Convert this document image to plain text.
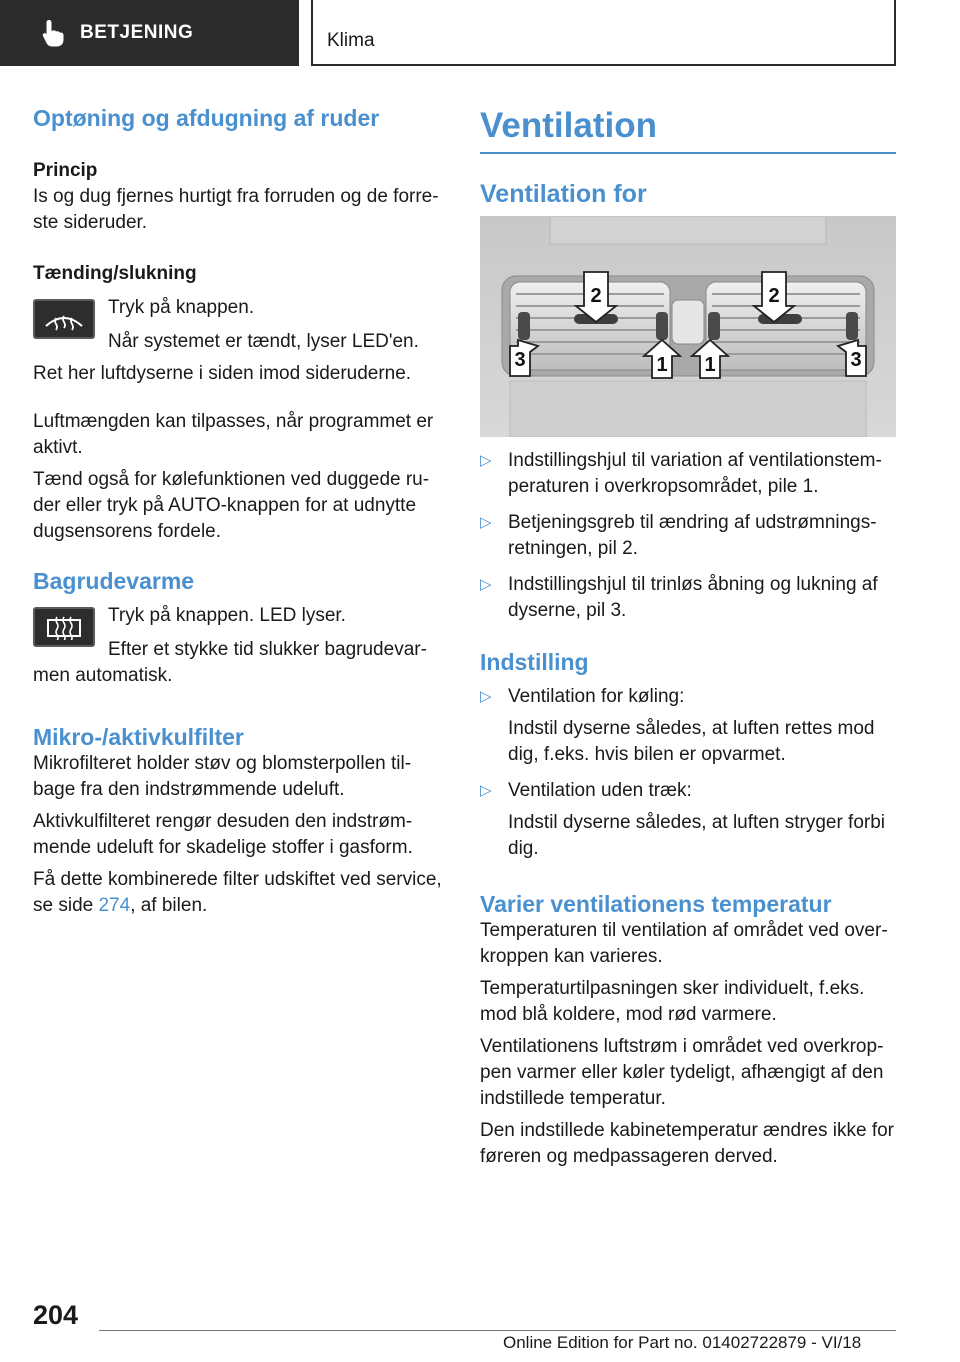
BETJENING	Klima
Optøning og afdugning af ruder
Princip

Is og dug fjernes hurtigt fra forruden og de forre-ste sideruder.

Tænding/slukning

Tryk på knappen.

Når systemet er tændt, lyser LED'en.

Ret her luftdyserne i siden imod sideruderne.

Luftmængden kan tilpasses, når programmet er aktivt.

Tænd også for kølefunktionen ved duggede ru-der eller tryk på AUTO-knappen for at udnytte dugsensorens fordele.

Bagrudevarme

Tryk på knappen. LED lyser.

Efter et stykke tid slukker bagrudevar-men automatisk.

Mikro-/aktivkulfilter

Mikrofilteret holder støv og blomsterpollen til-bage fra den indstrømmende udeluft.

Aktivkulfilteret rengør desuden den indstrøm-mende udeluft for skadelige stoffer i gasform.

Få dette kombinerede filter udskiftet ved service, se side 274, af bilen.

Ventilation
Ventilation for
2	2
3	1 1	3
▷ Indstillingshjul til variation af ventilationstem-peraturen i overkropsområdet, pile 1.
▷ Betjeningsgreb til ændring af udstrømnings-retningen, pil 2.
▷ Indstillingshjul til trinløs åbning og lukning af dyserne, pil 3.
Indstilling
▷ Ventilation for køling:

Indstil dyserne således, at luften rettes mod dig, f.eks. hvis bilen er opvarmet.
▷ Ventilation uden træk:

Indstil dyserne således, at luften stryger forbi dig.
Varier ventilationens temperatur

Temperaturen til ventilation af området ved over-kroppen kan varieres.

Temperaturtilpasningen sker individuelt, f.eks. mod blå koldere, mod rød varmere.

Ventilationens luftstrøm i området ved overkrop-pen varmer eller køler tydeligt, afhængigt af den indstillede temperatur.

Den indstillede kabinetemperatur ændres ikke for føreren og medpassageren derved.

204
Online Edition for Part no. 01402722879 - VI/18
